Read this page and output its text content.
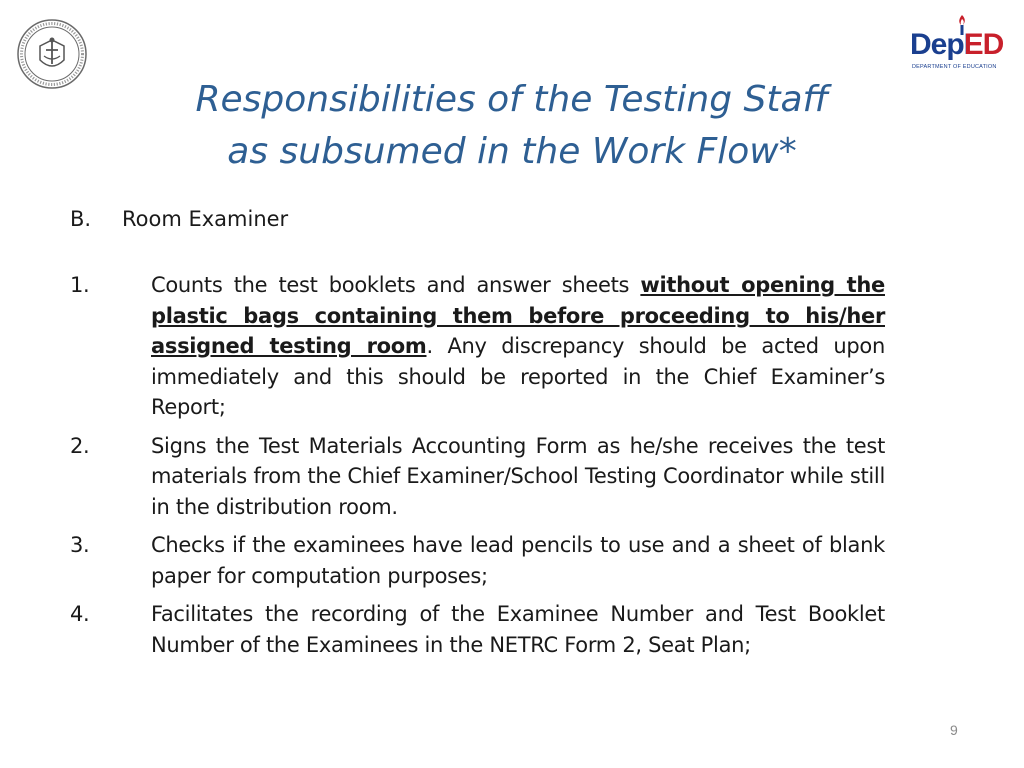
DepED
DEPARTMENT OF EDUCATION
Responsibilities of the Testing Staff
as subsumed in the Work Flow*
B. Room Examiner
1.	Counts the test booklets and answer sheets without opening the plastic bags containing them before proceeding to his/her assigned testing room. Any discrepancy should be acted upon immediately and this should be reported in the Chief Examiner’s Report;
2.	Signs the Test Materials Accounting Form as he/she receives the test materials from the Chief Examiner/School Testing Coordinator while still in the distribution room.
3.	Checks if the examinees have lead pencils to use and a sheet of blank paper for computation purposes;
4.	Facilitates the recording of the Examinee Number and Test Booklet Number of the Examinees in the NETRC Form 2, Seat Plan;
9
